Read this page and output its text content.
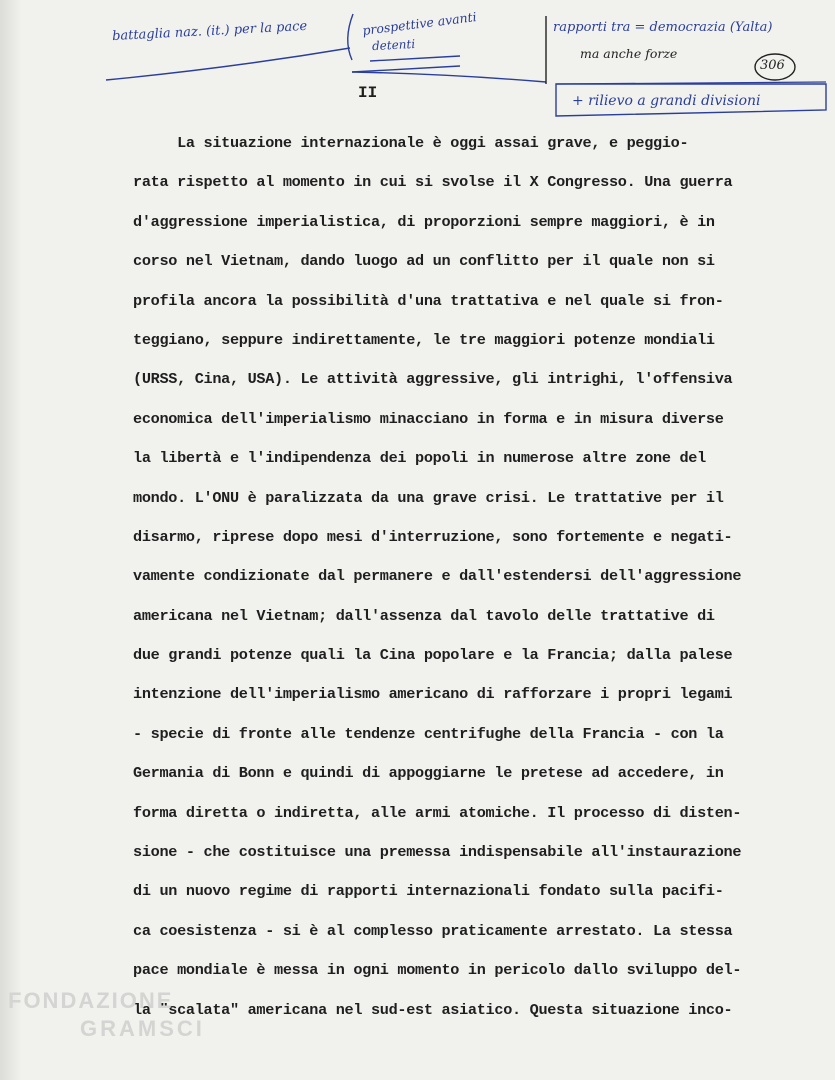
battaglia naz. (it.) per la pace	prospettive avanti
detenti
rapporti tra = democrazia (Yalta)
ma anche forze
306
+ rilievo a grandi divisioni
II
La situazione internazionale è oggi assai grave, e peggio-
rata rispetto al momento in cui si svolse il X Congresso. Una guerra
d'aggressione imperialistica, di proporzioni sempre maggiori, è in
corso nel Vietnam, dando luogo ad un conflitto per il quale non si
profila ancora la possibilità d'una trattativa e nel quale si fron-
teggiano, seppure indirettamente, le tre maggiori potenze mondiali
(URSS, Cina, USA). Le attività aggressive, gli intrighi, l'offensiva
economica dell'imperialismo minacciano in forma e in misura diverse
la libertà e l'indipendenza dei popoli in numerose altre zone del
mondo. L'ONU è paralizzata da una grave crisi. Le trattative per il
disarmo, riprese dopo mesi d'interruzione, sono fortemente e negati-
vamente condizionate dal permanere e dall'estendersi dell'aggressione
americana nel Vietnam; dall'assenza dal tavolo delle trattative di
due grandi potenze quali la Cina popolare e la Francia; dalla palese
intenzione dell'imperialismo americano di rafforzare i propri legami
- specie di fronte alle tendenze centrifughe della Francia - con la
Germania di Bonn e quindi di appoggiarne le pretese ad accedere, in
forma diretta o indiretta, alle armi atomiche. Il processo di disten-
sione - che costituisce una premessa indispensabile all'instaurazione
di un nuovo regime di rapporti internazionali fondato sulla pacifi-
ca coesistenza - si è al complesso praticamente arrestato. La stessa
pace mondiale è messa in ogni momento in pericolo dallo sviluppo del-
la "scalata" americana nel sud-est asiatico. Questa situazione inco-
FONDAZIONE
GRAMSCI
